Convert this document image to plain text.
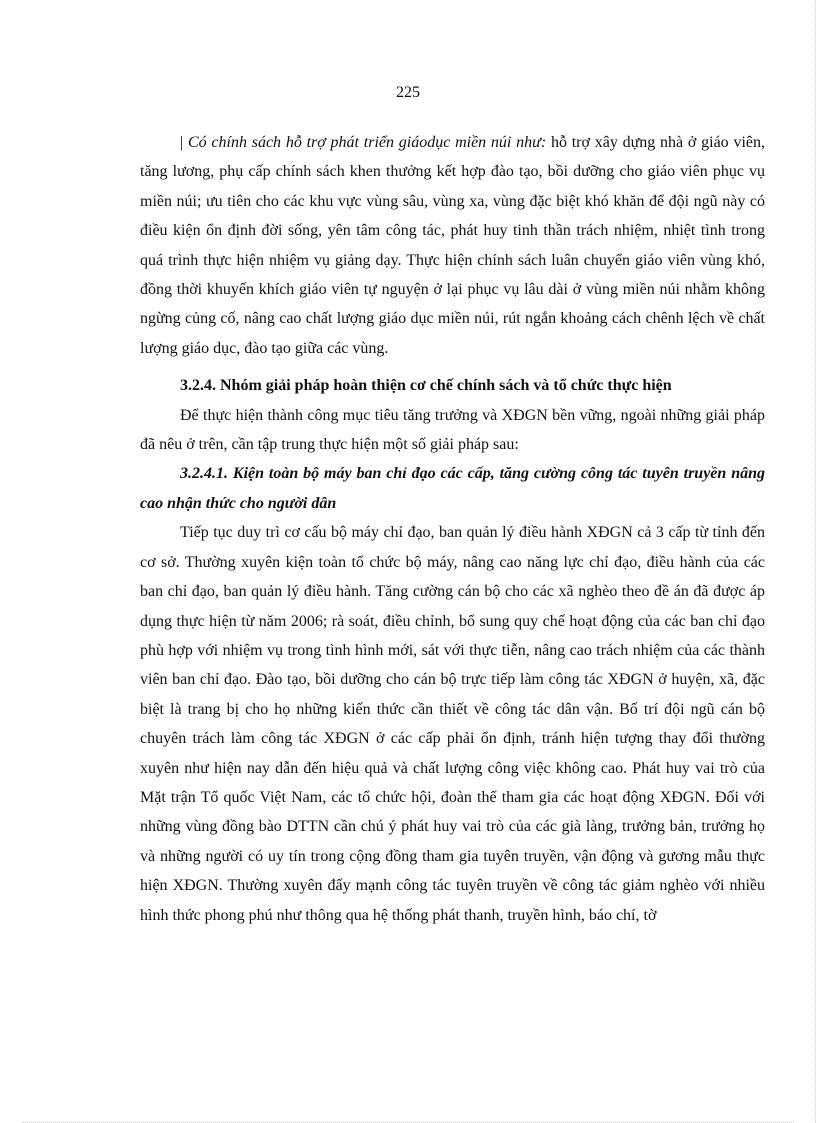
225

| Có chính sách hỗ trợ phát triển giáodục miền núi như: hỗ trợ xây dựng nhà ở giáo viên, tăng lương, phụ cấp chính sách khen thưởng kết hợp đào tạo, bồi dưỡng cho giáo viên phục vụ miền núi; ưu tiên cho các khu vực vùng sâu, vùng xa, vùng đặc biệt khó khăn để đội ngũ này có điều kiện ổn định đời sống, yên tâm công tác, phát huy tinh thần trách nhiệm, nhiệt tình trong quá trình thực hiện nhiệm vụ giảng dạy. Thực hiện chính sách luân chuyển giáo viên vùng khó, đồng thời khuyến khích giáo viên tự nguyện ở lại phục vụ lâu dài ở vùng miền núi nhằm không ngừng củng cố, nâng cao chất lượng giáo dục miền núi, rút ngắn khoảng cách chênh lệch về chất lượng giáo dục, đào tạo giữa các vùng.

3.2.4. Nhóm giải pháp hoàn thiện cơ chế chính sách và tổ chức thực hiện

Để thực hiện thành công mục tiêu tăng trưởng và XĐGN bền vững, ngoài những giải pháp đã nêu ở trên, cần tập trung thực hiện một số giải pháp sau:

3.2.4.1. Kiện toàn bộ máy ban chỉ đạo các cấp, tăng cường công tác tuyên truyền nâng cao nhận thức cho người dân

Tiếp tục duy trì cơ cấu bộ máy chỉ đạo, ban quản lý điều hành XĐGN cả 3 cấp từ tỉnh đến cơ sở. Thường xuyên kiện toàn tổ chức bộ máy, nâng cao năng lực chỉ đạo, điều hành của các ban chỉ đạo, ban quản lý điều hành. Tăng cường cán bộ cho các xã nghèo theo đề án đã được áp dụng thực hiện từ năm 2006; rà soát, điều chỉnh, bổ sung quy chế hoạt động của các ban chỉ đạo phù hợp với nhiệm vụ trong tình hình mới, sát với thực tiễn, nâng cao trách nhiệm của các thành viên ban chỉ đạo. Đào tạo, bồi dưỡng cho cán bộ trực tiếp làm công tác XĐGN ở huyện, xã, đặc biệt là trang bị cho họ những kiến thức cần thiết về công tác dân vận. Bố trí đội ngũ cán bộ chuyên trách làm công tác XĐGN ở các cấp phải ổn định, tránh hiện tượng thay đổi thường xuyên như hiện nay dẫn đến hiệu quả và chất lượng công việc không cao. Phát huy vai trò của Mặt trận Tổ quốc Việt Nam, các tổ chức hội, đoàn thể tham gia các hoạt động XĐGN. Đối với những vùng đồng bào DTTN cần chú ý phát huy vai trò của các già làng, trưởng bản, trưởng họ và những người có uy tín trong cộng đồng tham gia tuyên truyền, vận động và gương mẫu thực hiện XĐGN. Thường xuyên đẩy mạnh công tác tuyên truyền về công tác giảm nghèo với nhiều hình thức phong phú như thông qua hệ thống phát thanh, truyền hình, báo chí, tờ
